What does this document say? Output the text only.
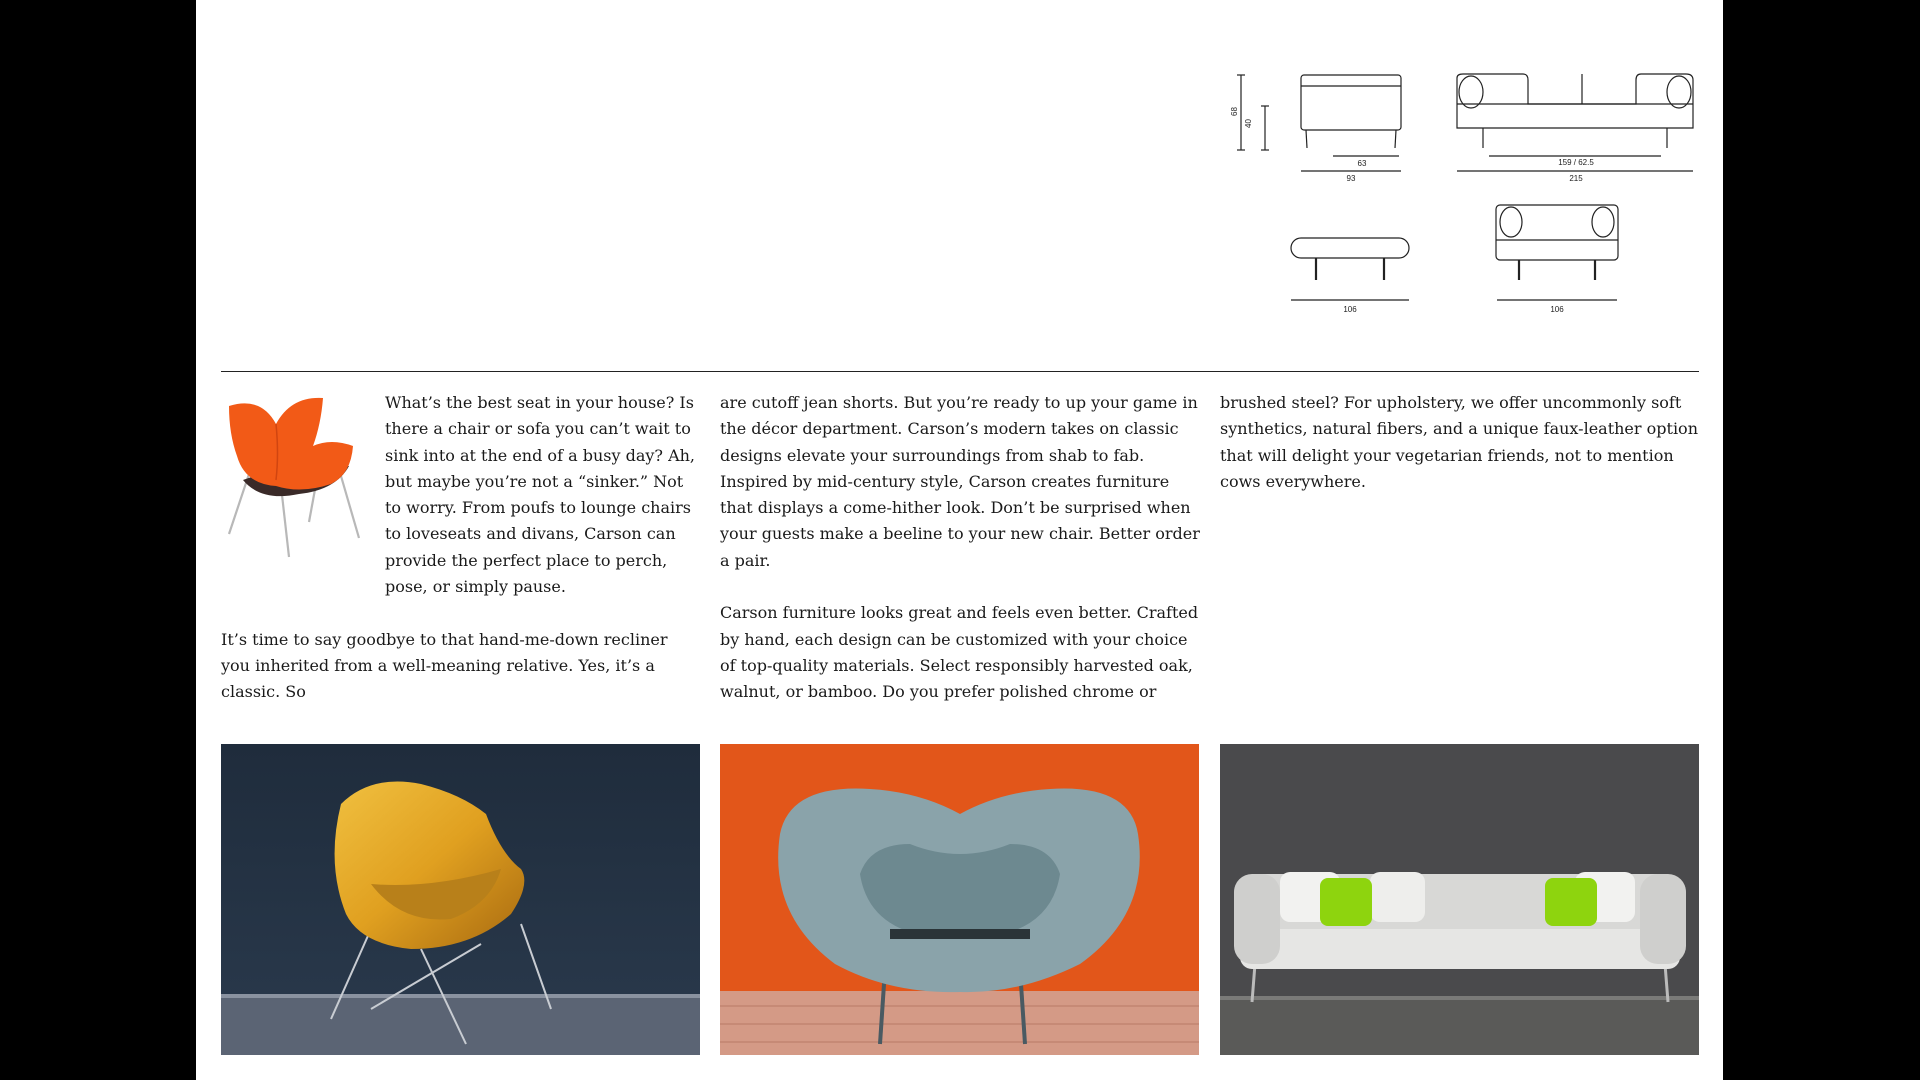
68
40
63
93
159 / 62.5
215
106	106

What’s the best seat in your house? Is there a chair or sofa you can’t wait to sink into at the end of a busy day? Ah, but maybe you’re not a “sinker.” Not to worry. From poufs to lounge chairs to loveseats and divans, Carson can provide the perfect place to perch, pose, or simply pause.

It’s time to say goodbye to that hand-me-down recliner you inherited from a well-meaning relative. Yes, it’s a classic. So

are cutoff jean shorts. But you’re ready to up your game in the décor department. Carson’s modern takes on classic designs elevate your surroundings from shab to fab. Inspired by mid-century style, Carson creates furniture that displays a come-hither look. Don’t be surprised when your guests make a beeline to your new chair. Better order a pair.

Carson furniture looks great and feels even better. Crafted by hand, each design can be customized with your choice of top-quality materials. Select responsibly harvested oak, walnut, or bamboo. Do you prefer polished chrome or

brushed steel? For upholstery, we offer uncommonly soft synthetics, natural fibers, and a unique faux-leather option that will delight your vegetarian friends, not to mention cows everywhere.
